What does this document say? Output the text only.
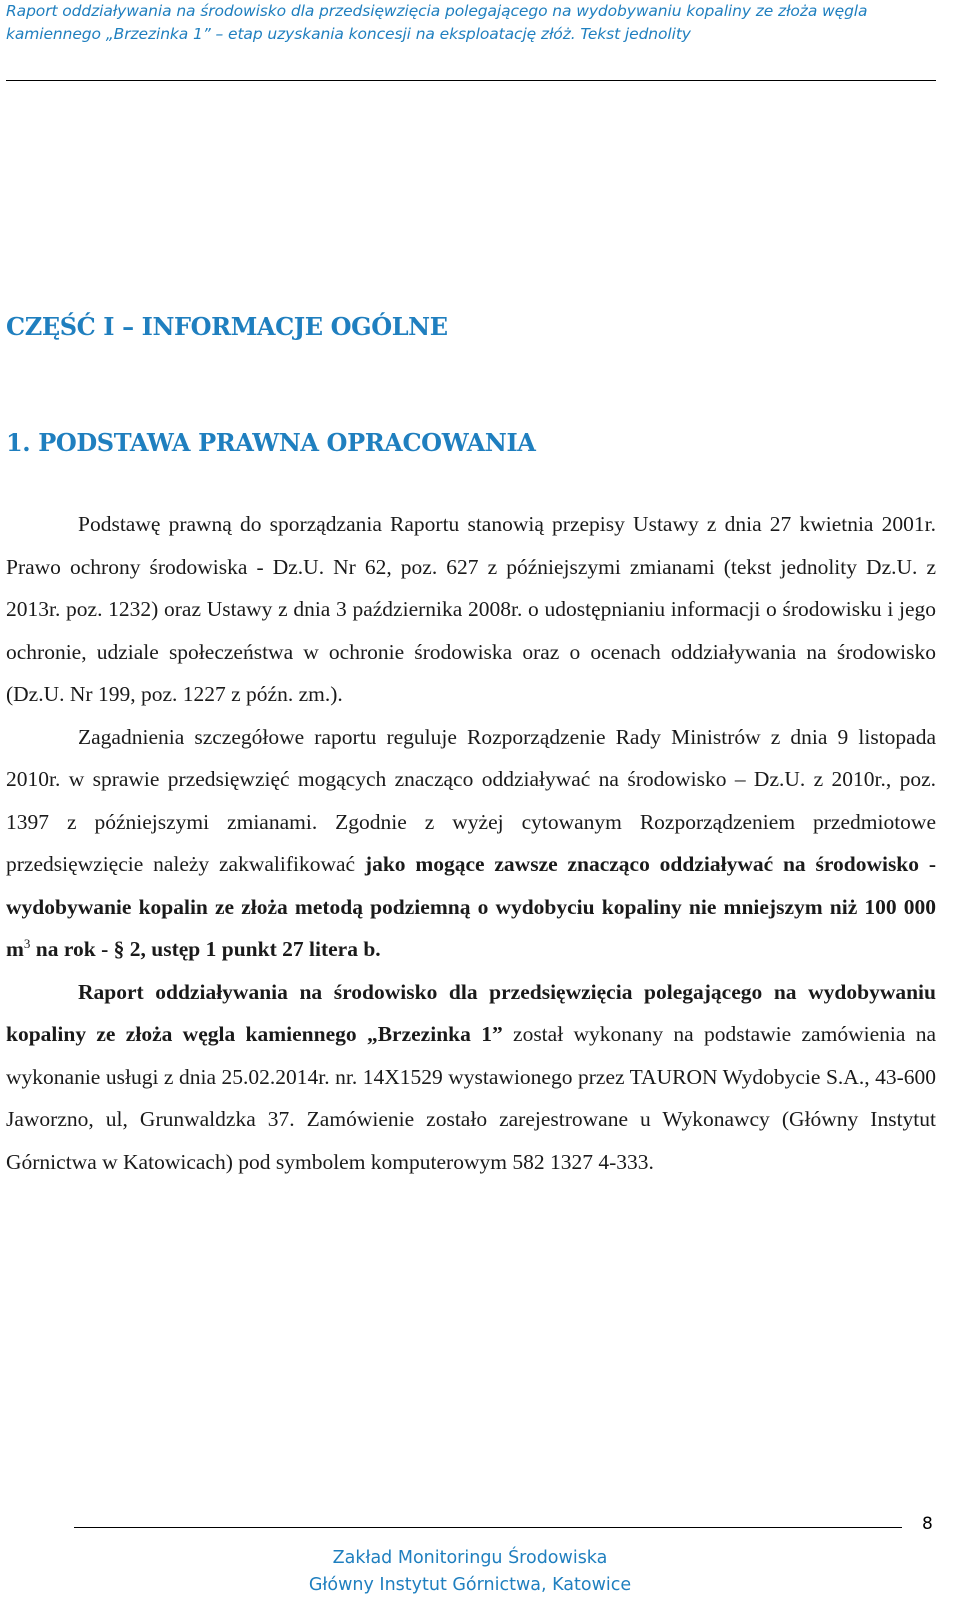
Raport oddziaływania na środowisko dla przedsięwzięcia polegającego na wydobywaniu kopaliny ze złoża węgla
kamiennego „Brzezinka 1” – etap uzyskania koncesji na eksploatację złóż. Tekst jednolity
CZĘŚĆ I – INFORMACJE OGÓLNE
1. PODSTAWA PRAWNA OPRACOWANIA

Podstawę prawną do sporządzania Raportu stanowią przepisy Ustawy z dnia 27 kwietnia 2001r. Prawo ochrony środowiska - Dz.U. Nr 62, poz. 627 z późniejszymi zmianami (tekst jednolity Dz.U. z 2013r. poz. 1232) oraz Ustawy z dnia 3 października 2008r. o udostępnianiu informacji o środowisku i jego ochronie, udziale społeczeństwa w ochronie środowiska oraz o ocenach oddziaływania na środowisko (Dz.U. Nr 199, poz. 1227 z późn. zm.).

Zagadnienia szczegółowe raportu reguluje Rozporządzenie Rady Ministrów z dnia 9 listopada 2010r. w sprawie przedsięwzięć mogących znacząco oddziaływać na środowisko – Dz.U. z 2010r., poz. 1397 z późniejszymi zmianami. Zgodnie z wyżej cytowanym Rozporządzeniem przedmiotowe przedsięwzięcie należy zakwalifikować jako mogące zawsze znacząco oddziaływać na środowisko - wydobywanie kopalin ze złoża metodą podziemną o wydobyciu kopaliny nie mniejszym niż 100 000 $m^3$ na rok - § 2, ustęp 1 punkt 27 litera b.

Raport oddziaływania na środowisko dla przedsięwzięcia polegającego na wydobywaniu kopaliny ze złoża węgla kamiennego „Brzezinka 1” został wykonany na podstawie zamówienia na wykonanie usługi z dnia 25.02.2014r. nr. 14X1529 wystawionego przez TAURON Wydobycie S.A., 43-600 Jaworzno, ul, Grunwaldzka 37. Zamówienie zostało zarejestrowane u Wykonawcy (Główny Instytut Górnictwa w Katowicach) pod symbolem komputerowym 582 1327 4-333.

8
Zakład Monitoringu Środowiska
Główny Instytut Górnictwa, Katowice
